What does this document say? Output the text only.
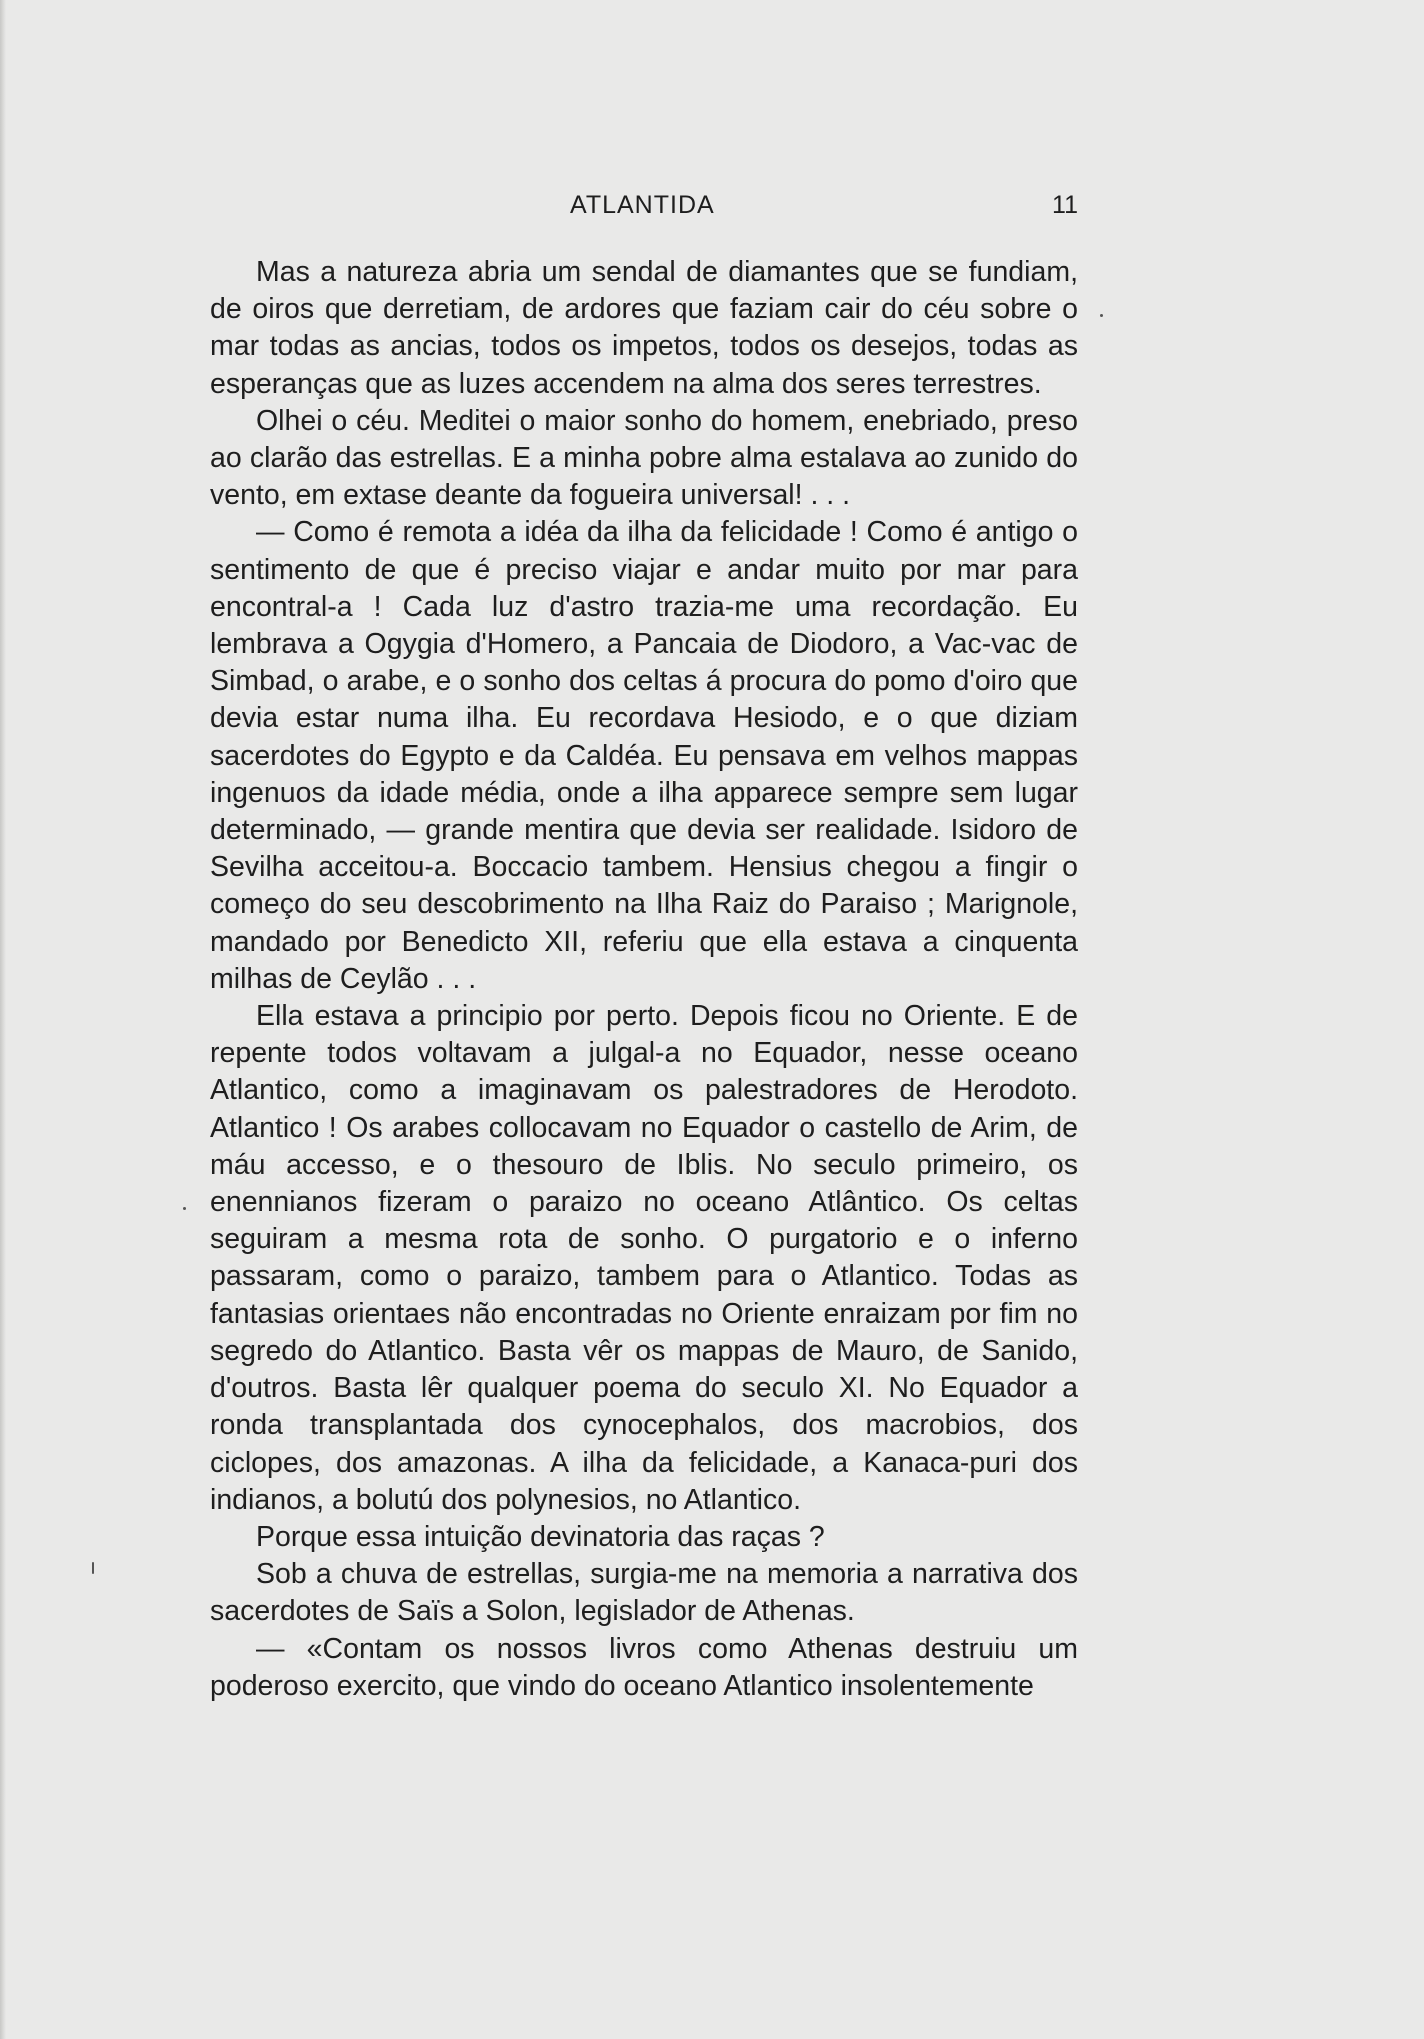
ATLANTIDA	11

Mas a natureza abria um sendal de diamantes que se fundiam, de oiros que derretiam, de ardores que faziam cair do céu sobre o mar todas as ancias, todos os impetos, todos os desejos, todas as esperanças que as luzes accendem na alma dos seres terrestres.

Olhei o céu. Meditei o maior sonho do homem, enebriado, preso ao clarão das estrellas. E a minha pobre alma estalava ao zunido do vento, em extase deante da fogueira universal! . . .

— Como é remota a idéa da ilha da felicidade ! Como é antigo o sentimento de que é preciso viajar e andar muito por mar para encontral-a ! Cada luz d'astro trazia-me uma recordação. Eu lembrava a Ogygia d'Homero, a Pancaia de Diodoro, a Vac-vac de Simbad, o arabe, e o sonho dos celtas á procura do pomo d'oiro que devia estar numa ilha. Eu recordava Hesiodo, e o que diziam sacerdotes do Egypto e da Caldéa. Eu pensava em velhos mappas ingenuos da idade média, onde a ilha apparece sempre sem lugar determinado, — grande mentira que devia ser realidade. Isidoro de Sevilha acceitou-a. Boccacio tambem. Hensius chegou a fingir o começo do seu descobrimento na Ilha Raiz do Paraiso ; Marignole, mandado por Benedicto XII, referiu que ella estava a cinquenta milhas de Ceylão . . .

Ella estava a principio por perto. Depois ficou no Oriente. E de repente todos voltavam a julgal-a no Equador, nesse oceano Atlantico, como a imaginavam os palestradores de Herodoto. Atlantico ! Os arabes collocavam no Equador o castello de Arim, de máu accesso, e o thesouro de Iblis. No seculo primeiro, os enennianos fizeram o paraizo no oceano Atlântico. Os celtas seguiram a mesma rota de sonho. O purgatorio e o inferno passaram, como o paraizo, tambem para o Atlantico. Todas as fantasias orientaes não encontradas no Oriente enraizam por fim no segredo do Atlantico. Basta vêr os mappas de Mauro, de Sanido, d'outros. Basta lêr qualquer poema do seculo XI. No Equador a ronda transplantada dos cynocephalos, dos macrobios, dos ciclopes, dos amazonas. A ilha da felicidade, a Kanaca-puri dos indianos, a bolutú dos polynesios, no Atlantico.

Porque essa intuição devinatoria das raças ?

Sob a chuva de estrellas, surgia-me na memoria a narrativa dos sacerdotes de Saïs a Solon, legislador de Athenas.

— «Contam os nossos livros como Athenas destruiu um poderoso exercito, que vindo do oceano Atlantico insolentemente
